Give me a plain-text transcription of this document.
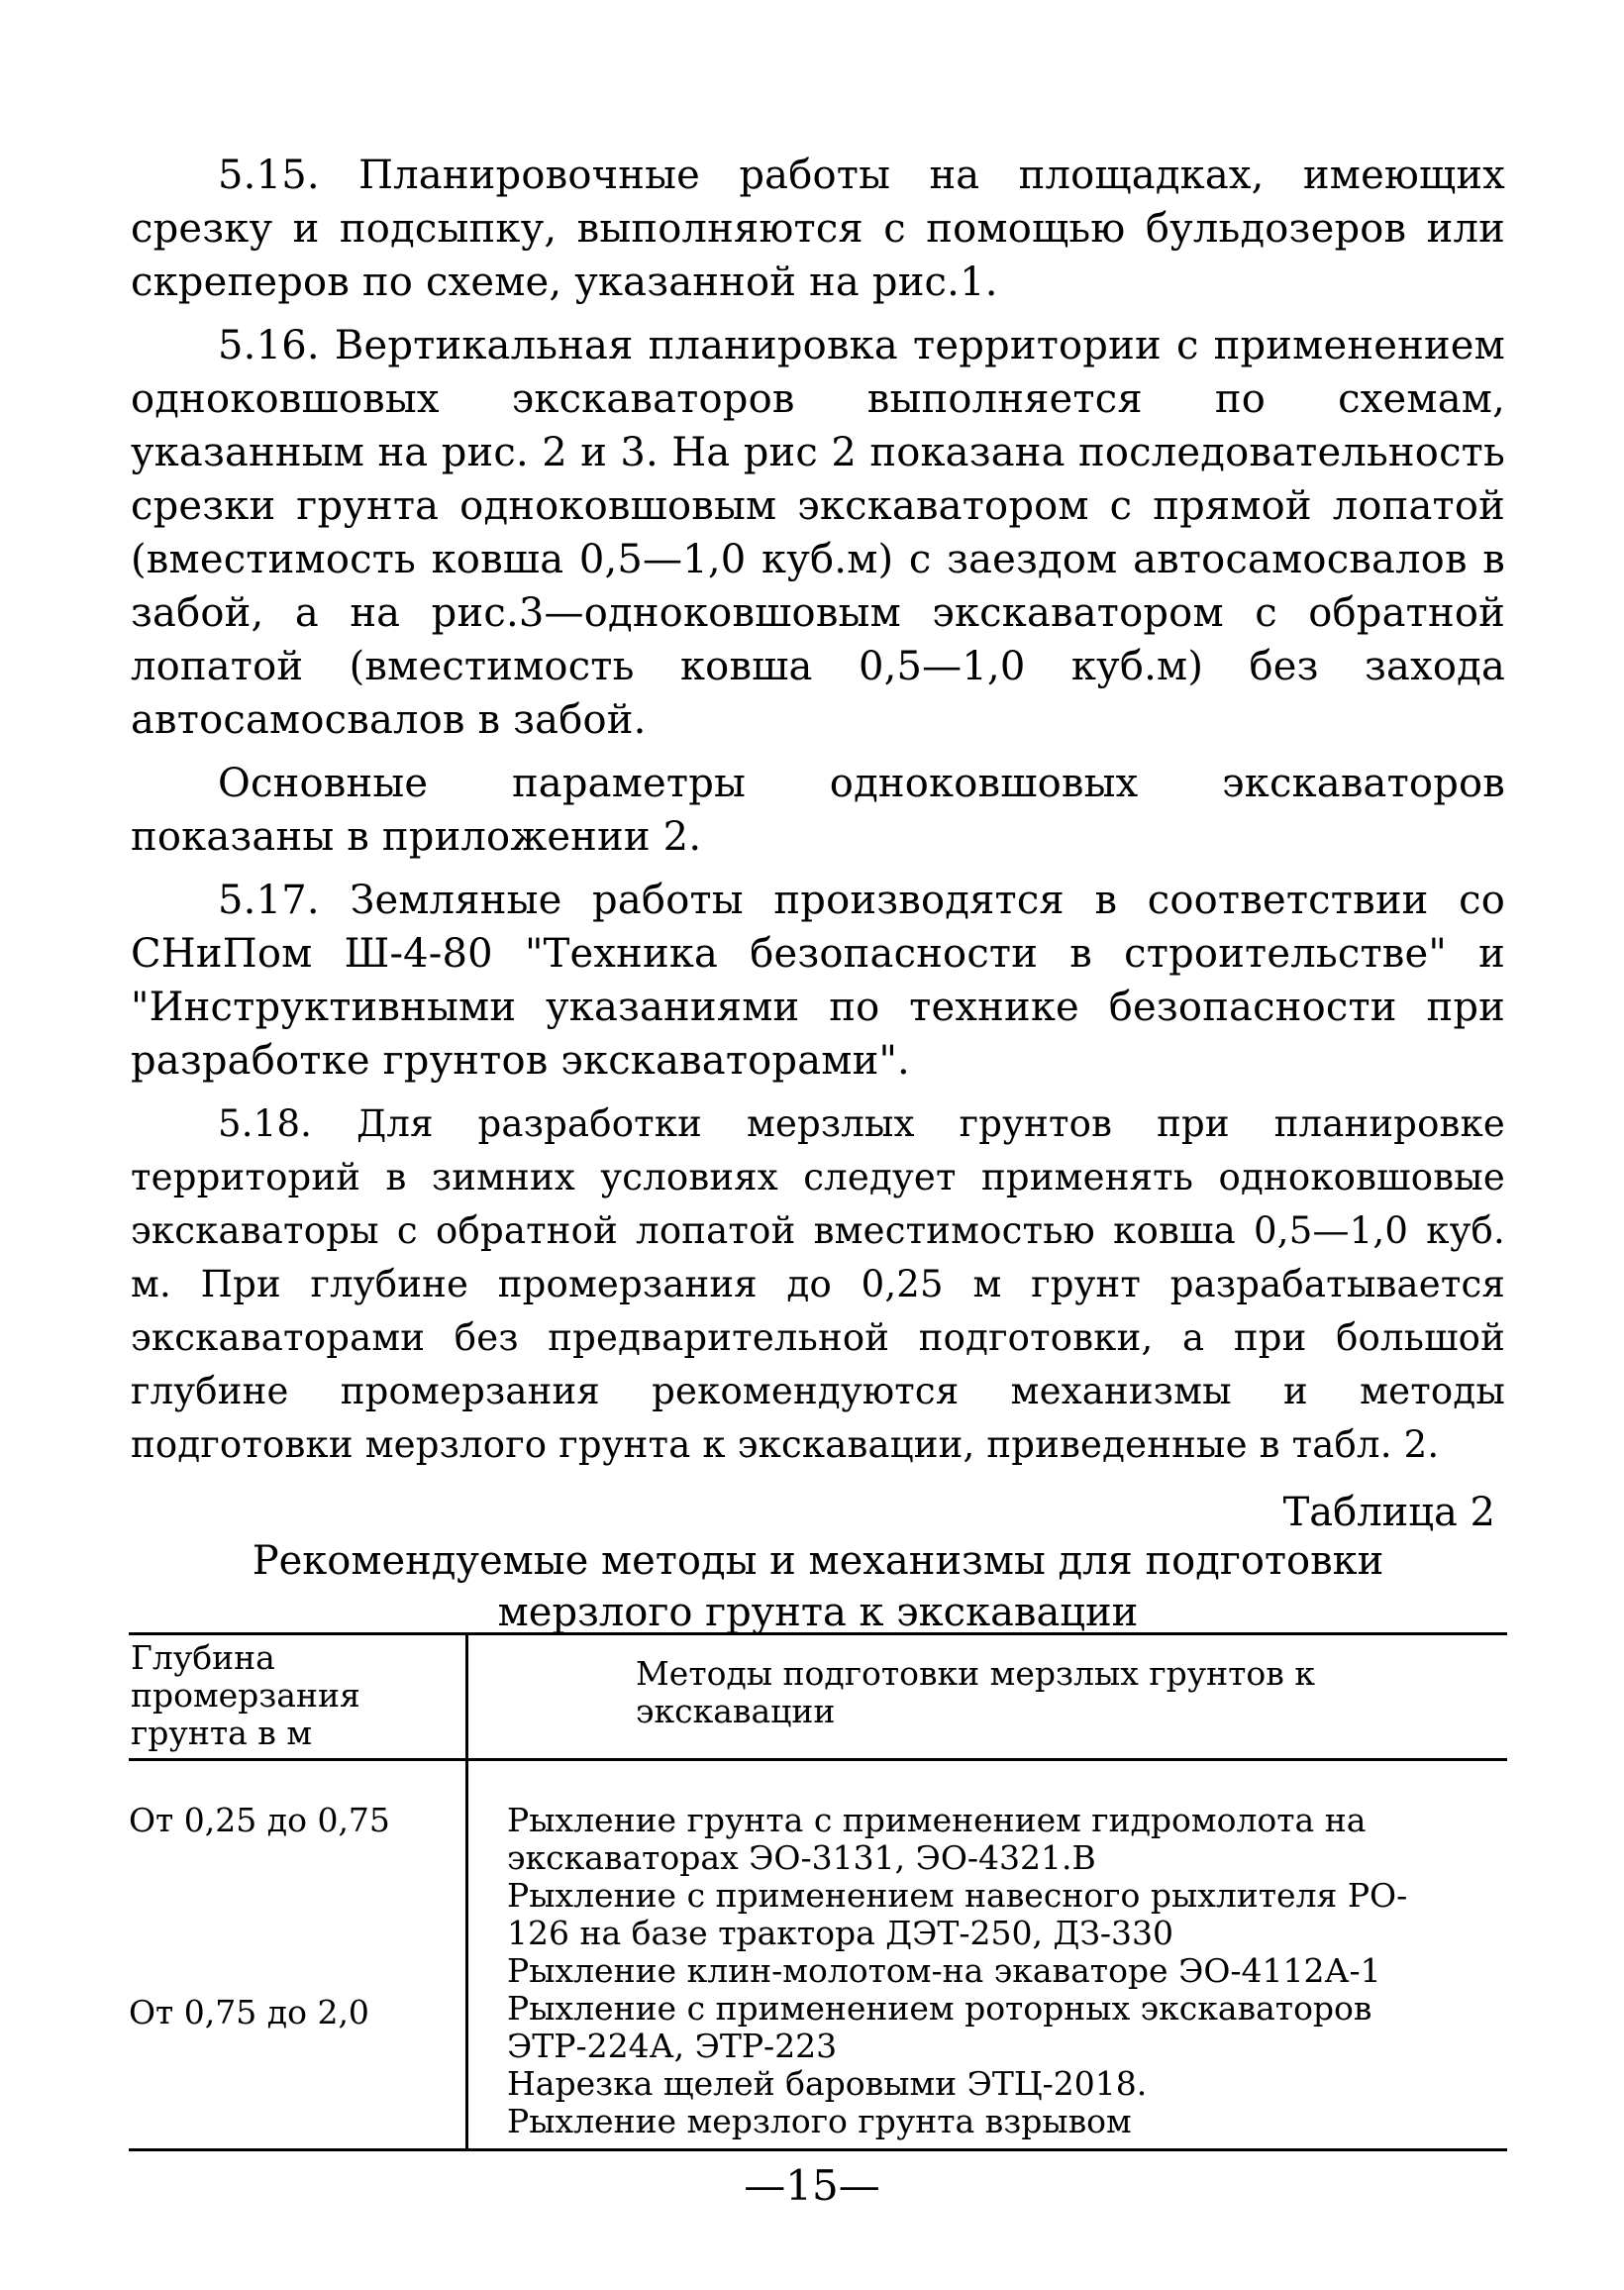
5.15. Планировочные работы на площадках, имеющих срезку и подсыпку, выполняются с помощью бульдозеров или скреперов по схеме, указанной на рис.1.

5.16. Вертикальная планировка территории с применением одноковшовых экскаваторов выполняется по схемам, указанным на рис. 2 и 3. На рис 2 показана последовательность срезки грунта одноковшовым экскаватором с прямой лопатой (вместимость ковша 0,5—1,0 куб.м) с заездом автосамосвалов в забой, а на рис.3—одноковшовым экскаватором с обратной лопатой (вместимость ковша 0,5—1,0 куб.м) без захода автосамосвалов в забой.

Основные параметры одноковшовых экскаваторов показаны в приложении 2.

5.17. Земляные работы производятся в соответствии со СНиПом Ш-4-80 "Техника безопасности в строительстве" и "Инструктивными указаниями по технике безопасности при разработке грунтов экскаваторами".

5.18. Для разработки мерзлых грунтов при планировке территорий в зимних условиях следует применять одноковшовые экскаваторы с обратной лопатой вместимостью ковша 0,5—1,0 куб. м. При глубине промерзания до 0,25 м грунт разрабатывается экскаваторами без предварительной подготовки, а при большой глубине промерзания рекомендуются механизмы и методы подготовки мерзлого грунта к экскавации, приведенные в табл. 2.

Таблица 2
Рекомендуемые методы и механизмы для подготовки
мерзлого грунта к экскавации
Глубина
промерзания
грунта в м
Методы подготовки мерзлых грунтов к
экскавации
От 0,25 до 0,75
От 0,75 до 2,0
Рыхление грунта с применением гидромолота на
экскаваторах ЭО-3131, ЭО-4321.В
Рыхление с применением навесного рыхлителя РО-
126 на базе трактора ДЭТ-250, ДЗ-330
Рыхление клин-молотом-на экаваторе ЭО-4112А-1
Рыхление с применением роторных экскаваторов
ЭТР-224А, ЭТР-223
Нарезка щелей баровыми ЭТЦ-2018.
Рыхление мерзлого грунта взрывом
—15—
